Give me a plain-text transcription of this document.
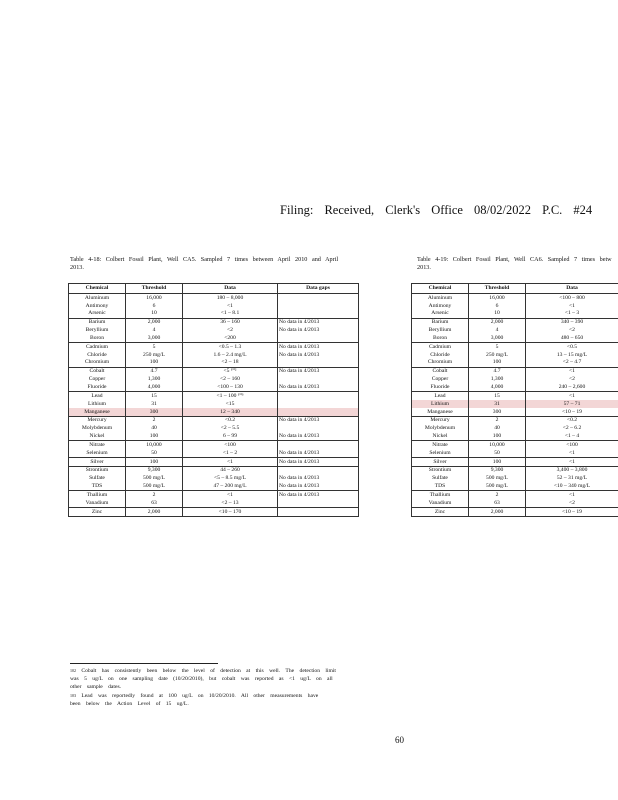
Filing: Received, Clerk's Office 08/02/2022 P.C. #24
Table 4-18: Colbert Fossil Plant, Well CA5. Sampled 7 times between April 2010 and April
2013.
Table 4-19: Colbert Fossil Plant, Well CA6. Sampled 7 times betw
2013.
Chemical	Threshold	Data	Data gaps
Aluminum	16,000	180 – 8,000	
Antimony	6	<1	
Arsenic	10	<1 – 8.1	
Barium	2,000	36 – 160	No data in 4/2013
Beryllium	4	<2	No data in 4/2013
Boron	3,000	<200	
Cadmium	5	<0.5 – 1.3	No data in 4/2013
Chloride	250 mg/L	1.6 – 2.4 mg/L	No data in 4/2013
Chromium	100	<2 – 18	
Cobalt	4.7	<5 ¹⁰²	No data in 4/2013
Copper	1,300	<2 – 160	
Fluoride	4,000	<100 – 130	No data in 4/2013
Lead	15	<1 – 100 ¹⁰³	
Lithium	31	<15	
Manganese	300	12 – 340	
Mercury	2	<0.2	No data in 4/2013
Molybdenum	40	<2 – 5.5	
Nickel	100	6 – 99	No data in 4/2013
Nitrate	10,000	<100	
Selenium	50	<1 – 2	No data in 4/2013
Silver	100	<1	No data in 4/2013
Strontium	9,300	44 – 260	
Sulfate	500 mg/L	<5 – 8.5 mg/L	No data in 4/2013
TDS	500 mg/L	47 – 200 mg/L	No data in 4/2013
Thallium	2	<1	No data in 4/2013
Vanadium	63	<2 – 13	
Zinc	2,000	<10 – 170	
Chemical	Threshold	Data
Aluminum	16,000	<100 – 800
Antimony	6	<1
Arsenic	10	<1 – 3
Barium	2,000	340 – 390
Beryllium	4	<2
Boron	3,000	480 – 650
Cadmium	5	<0.5
Chloride	250 mg/L	13 – 15 mg/L
Chromium	100	<2 – 4.7
Cobalt	4.7	<1
Copper	1,300	<2
Fluoride	4,000	240 – 2,600
Lead	15	<1
Lithium	31	57 – 71
Manganese	300	<10 – 19
Mercury	2	<0.2
Molybdenum	40	<2 – 6.2
Nickel	100	<1 – 4
Nitrate	10,000	<100
Selenium	50	<1
Silver	100	<1
Strontium	9,300	3,400 – 3,800
Sulfate	500 mg/L	52 – 31 mg/L
TDS	500 mg/L	<10 – 340 mg/L
Thallium	2	<1
Vanadium	63	<2
Zinc	2,000	<10 – 19
$^{102}$ Cobalt has consistently been below the level of detection at this well. The detection limit
was 5 ug/L on one sampling date (10/20/2010), but cobalt was reported as <1 ug/L on all
other sample dates.
$^{103}$ Lead was reportedly found at 100 ug/L on 10/20/2010. All other measurements have
been below the Action Level of 15 ug/L.
60
